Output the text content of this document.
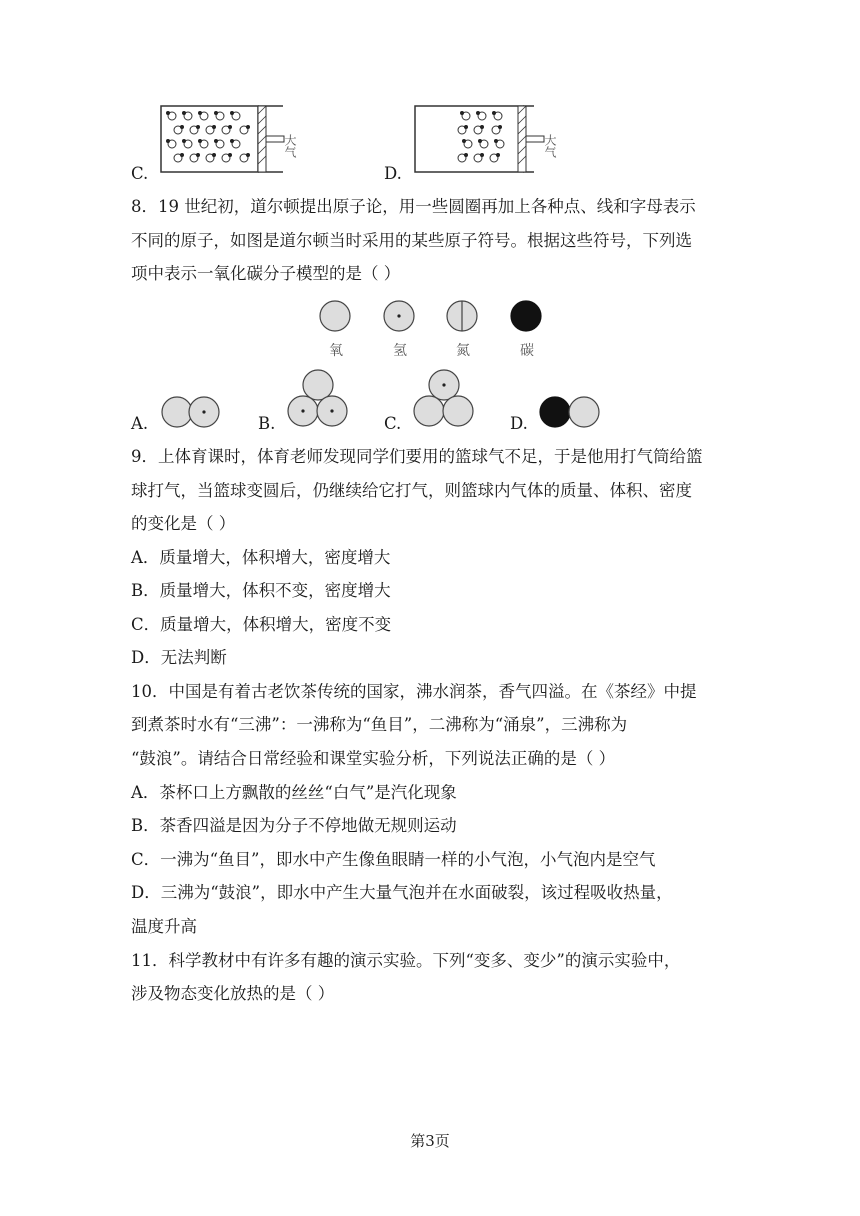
C.
大气
D.
大气
8．19 世纪初，道尔顿提出原子论，用一些圆圈再加上各种点、线和字母表示
不同的原子，如图是道尔顿当时采用的某些原子符号。根据这些符号，下列选
项中表示一氧化碳分子模型的是（ ）
氧	氢	氮	碳
A.	B.	C.	D.
9．上体育课时，体育老师发现同学们要用的篮球气不足，于是他用打气筒给篮
球打气，当篮球变圆后，仍继续给它打气，则篮球内气体的质量、体积、密度
的变化是（ ）
A．质量增大，体积增大，密度增大
B．质量增大，体积不变，密度增大
C．质量增大，体积增大，密度不变
D．无法判断
10．中国是有着古老饮茶传统的国家，沸水润茶，香气四溢。在《茶经》中提
到煮茶时水有“三沸”：一沸称为“鱼目”，二沸称为“涌泉”，三沸称为
“鼓浪”。请结合日常经验和课堂实验分析，下列说法正确的是（ ）
A．茶杯口上方飘散的丝丝“白气”是汽化现象
B．茶香四溢是因为分子不停地做无规则运动
C．一沸为“鱼目”，即水中产生像鱼眼睛一样的小气泡，小气泡内是空气
D．三沸为“鼓浪”，即水中产生大量气泡并在水面破裂，该过程吸收热量，
温度升高
11．科学教材中有许多有趣的演示实验。下列“变多、变少”的演示实验中，
涉及物态变化放热的是（ ）
第3页
